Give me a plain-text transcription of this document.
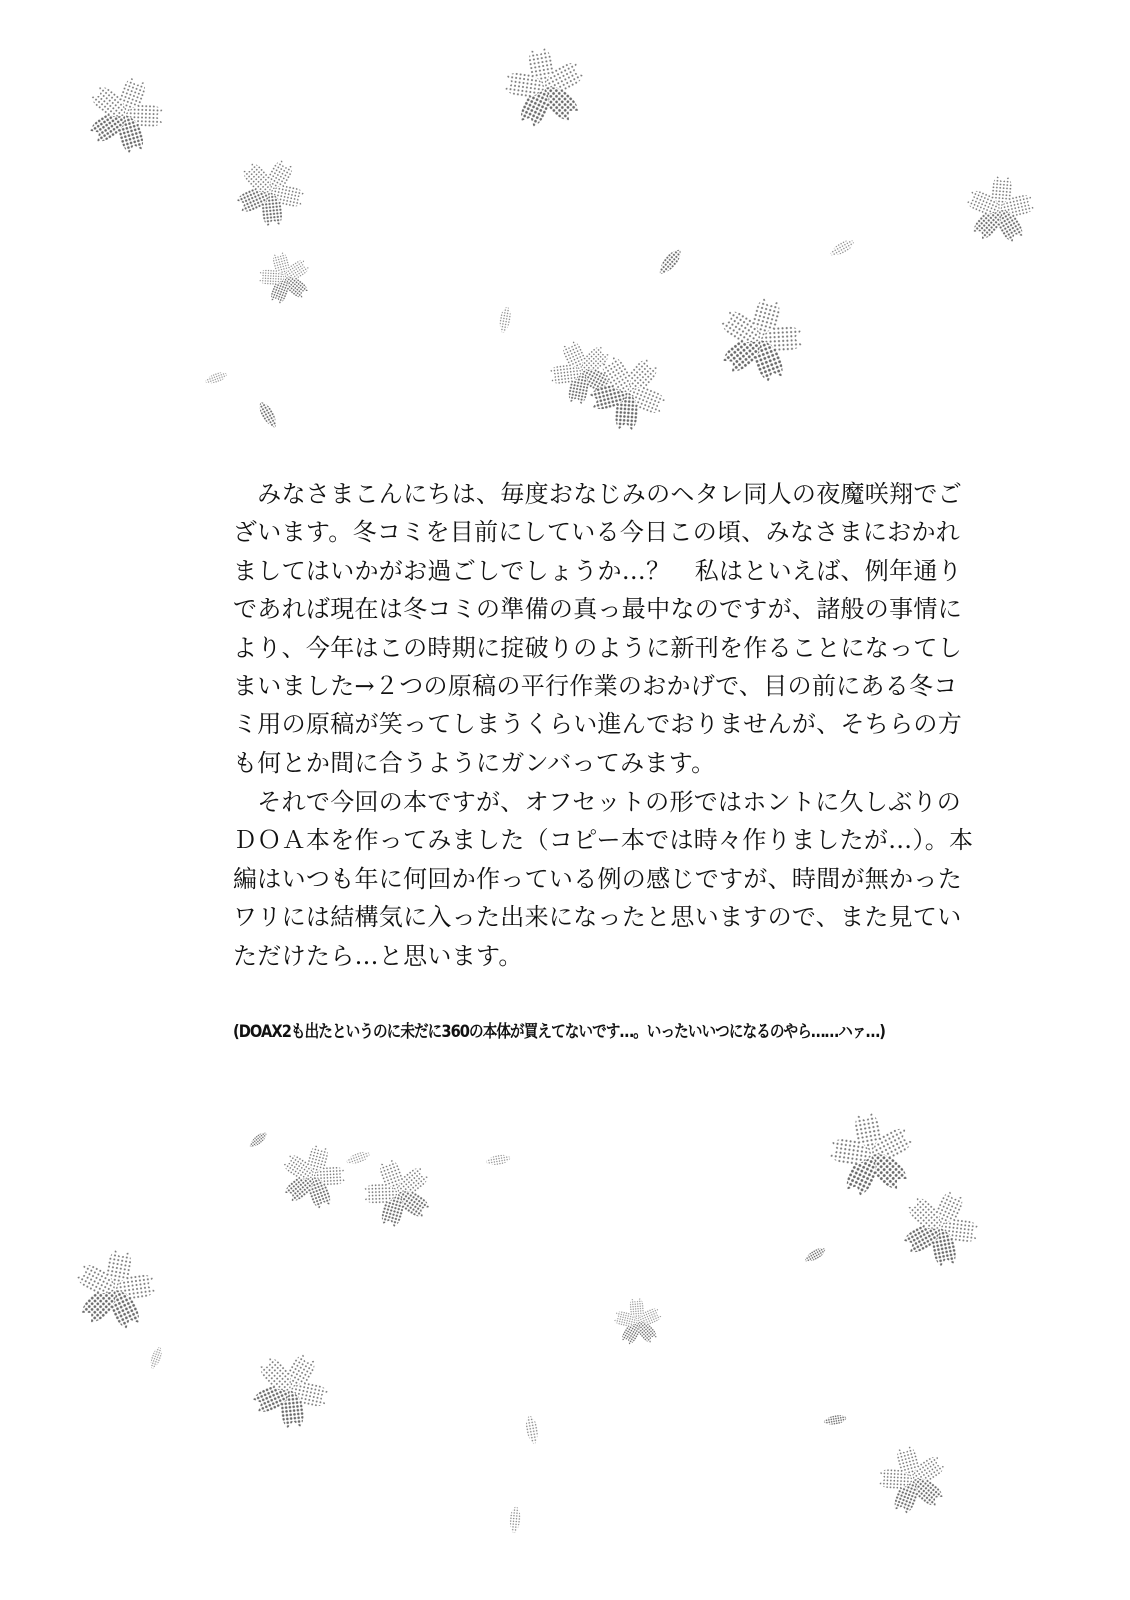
　みなさまこんにちは、毎度おなじみのヘタレ同人の夜魔咲翔でご
ざいます。冬コミを目前にしている今日この頃、みなさまにおかれ
ましてはいかがお過ごしでしょうか…？　私はといえば、例年通り
であれば現在は冬コミの準備の真っ最中なのですが、諸般の事情に
より、今年はこの時期に掟破りのように新刊を作ることになってし
まいました→２つの原稿の平行作業のおかげで、目の前にある冬コ
ミ用の原稿が笑ってしまうくらい進んでおりませんが、そちらの方
も何とか間に合うようにガンバってみます。
　それで今回の本ですが、オフセットの形ではホントに久しぶりの
ＤＯＡ本を作ってみました（コピー本では時々作りましたが…）。本
編はいつも年に何回か作っている例の感じですが、時間が無かった
ワリには結構気に入った出来になったと思いますので、また見てい
ただけたら…と思います。
(DOAX2も出たというのに未だに360の本体が買えてないです…。いったいいつになるのやら……ハァ…)
